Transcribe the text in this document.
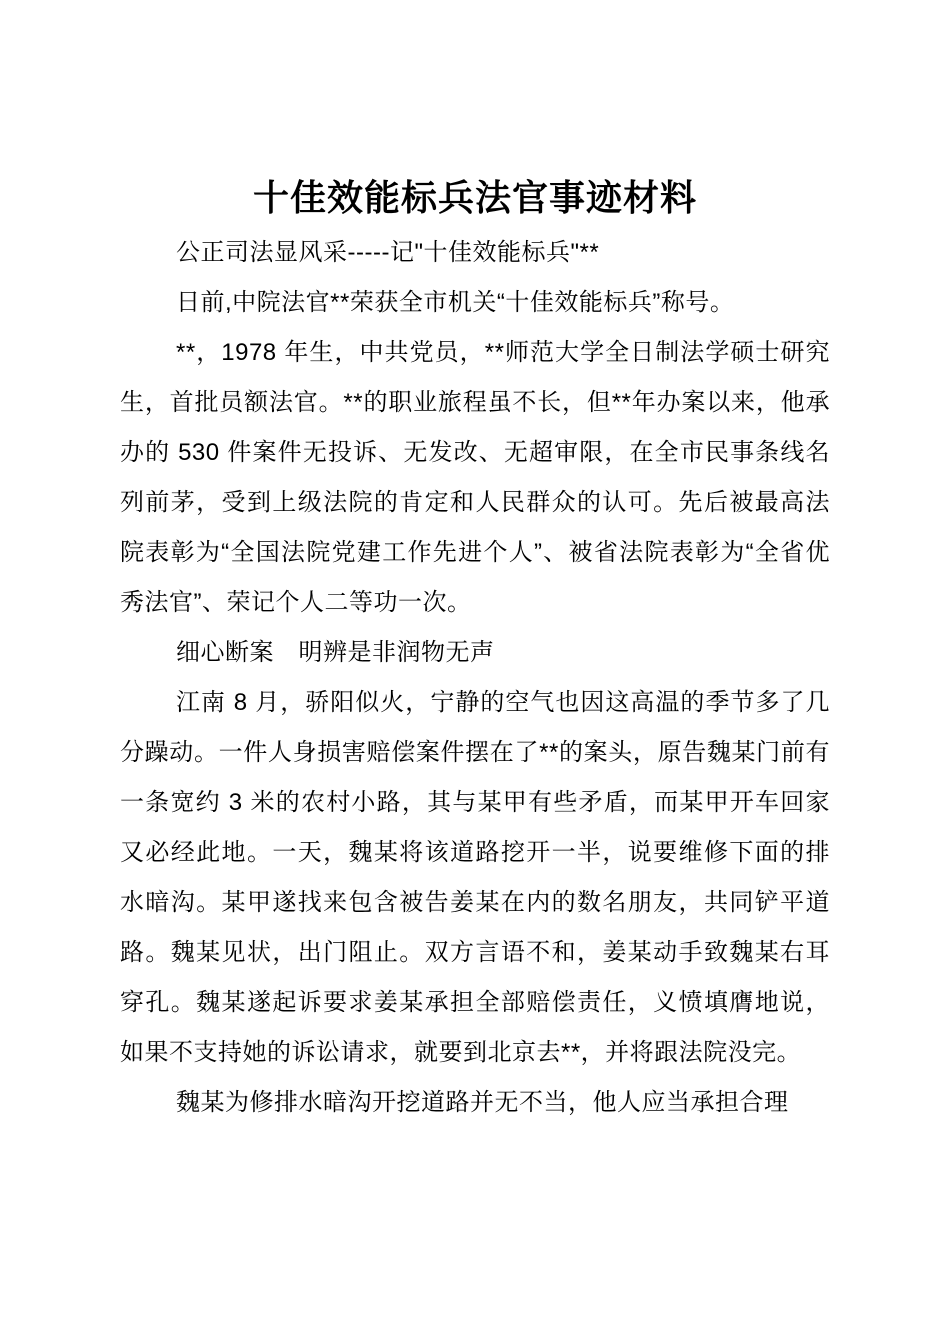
十佳效能标兵法官事迹材料

公正司法显风采-----记"十佳效能标兵"**

日前,中院法官**荣获全市机关“十佳效能标兵”称号。

**，1978 年生，中共党员，**师范大学全日制法学硕士研究生，首批员额法官。**的职业旅程虽不长，但**年办案以来，他承办的 530 件案件无投诉、无发改、无超审限，在全市民事条线名列前茅，受到上级法院的肯定和人民群众的认可。先后被最高法院表彰为“全国法院党建工作先进个人”、被省法院表彰为“全省优秀法官”、荣记个人二等功一次。

细心断案　明辨是非润物无声

江南 8 月，骄阳似火，宁静的空气也因这高温的季节多了几分躁动。一件人身损害赔偿案件摆在了**的案头，原告魏某门前有一条宽约 3 米的农村小路，其与某甲有些矛盾，而某甲开车回家又必经此地。一天，魏某将该道路挖开一半，说要维修下面的排水暗沟。某甲遂找来包含被告姜某在内的数名朋友，共同铲平道路。魏某见状，出门阻止。双方言语不和，姜某动手致魏某右耳穿孔。魏某遂起诉要求姜某承担全部赔偿责任，义愤填膺地说，如果不支持她的诉讼请求，就要到北京去**，并将跟法院没完。

魏某为修排水暗沟开挖道路并无不当，他人应当承担合理
